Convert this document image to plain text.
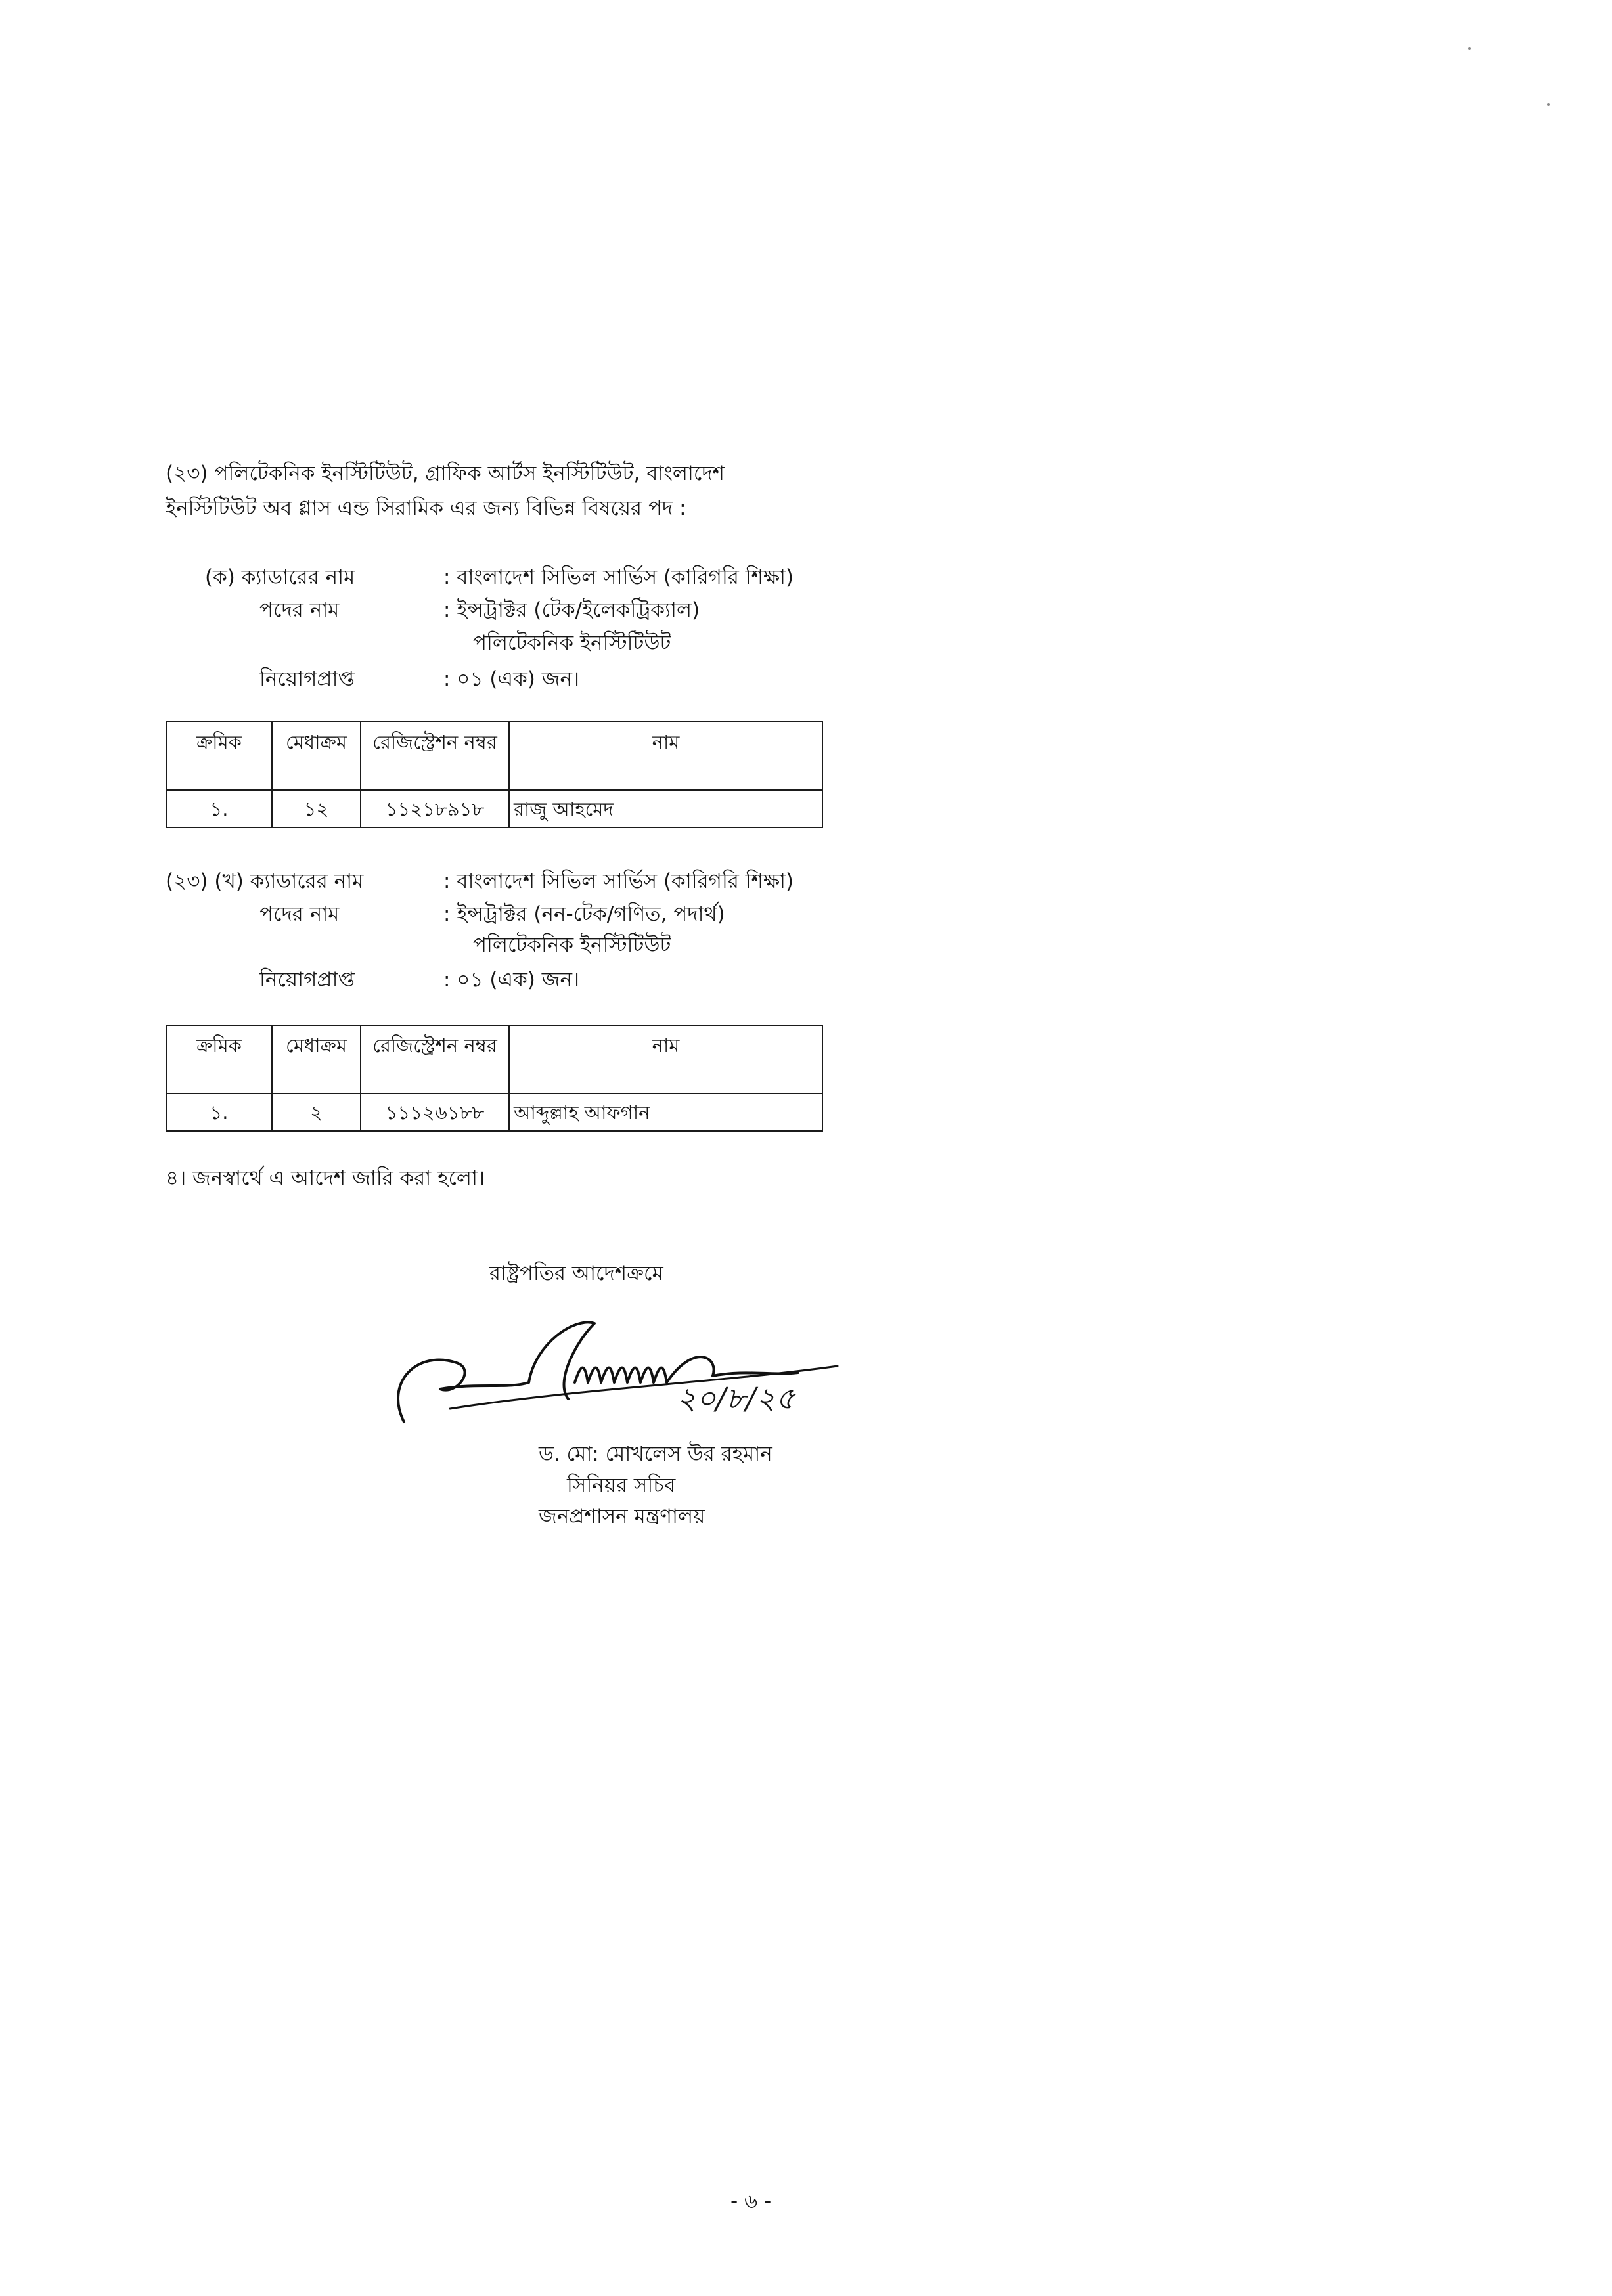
(২৩) পলিটেকনিক ইনস্টিটিউট, গ্রাফিক আর্টস ইনস্টিটিউট, বাংলাদেশ

ইনস্টিটিউট অব গ্লাস এন্ড সিরামিক এর জন্য বিভিন্ন বিষয়ের পদ :

(ক) ক্যাডারের নাম	: বাংলাদেশ সিভিল সার্ভিস (কারিগরি শিক্ষা)
পদের নাম	: ইন্সট্রাক্টর (টেক/ইলেকট্রিক্যাল)
পলিটেকনিক ইনস্টিটিউট
নিয়োগপ্রাপ্ত	: ০১ (এক) জন।
ক্রমিক	মেধাক্রম	রেজিস্ট্রেশন নম্বর	নাম
১.	১২	১১২১৮৯১৮	রাজু আহমেদ
(২৩) (খ) ক্যাডারের নাম	: বাংলাদেশ সিভিল সার্ভিস (কারিগরি শিক্ষা)
পদের নাম	: ইন্সট্রাক্টর (নন-টেক/গণিত, পদার্থ)
পলিটেকনিক ইনস্টিটিউট
নিয়োগপ্রাপ্ত	: ০১ (এক) জন।
ক্রমিক	মেধাক্রম	রেজিস্ট্রেশন নম্বর	নাম
১.	২	১১১২৬১৮৮	আব্দুল্লাহ আফগান
৪। জনস্বার্থে এ আদেশ জারি করা হলো।
রাষ্ট্রপতির আদেশক্রমে
২০/৮/২৫
ড. মো: মোখলেস উর রহমান
সিনিয়র সচিব
জনপ্রশাসন মন্ত্রণালয়
- ৬ -
